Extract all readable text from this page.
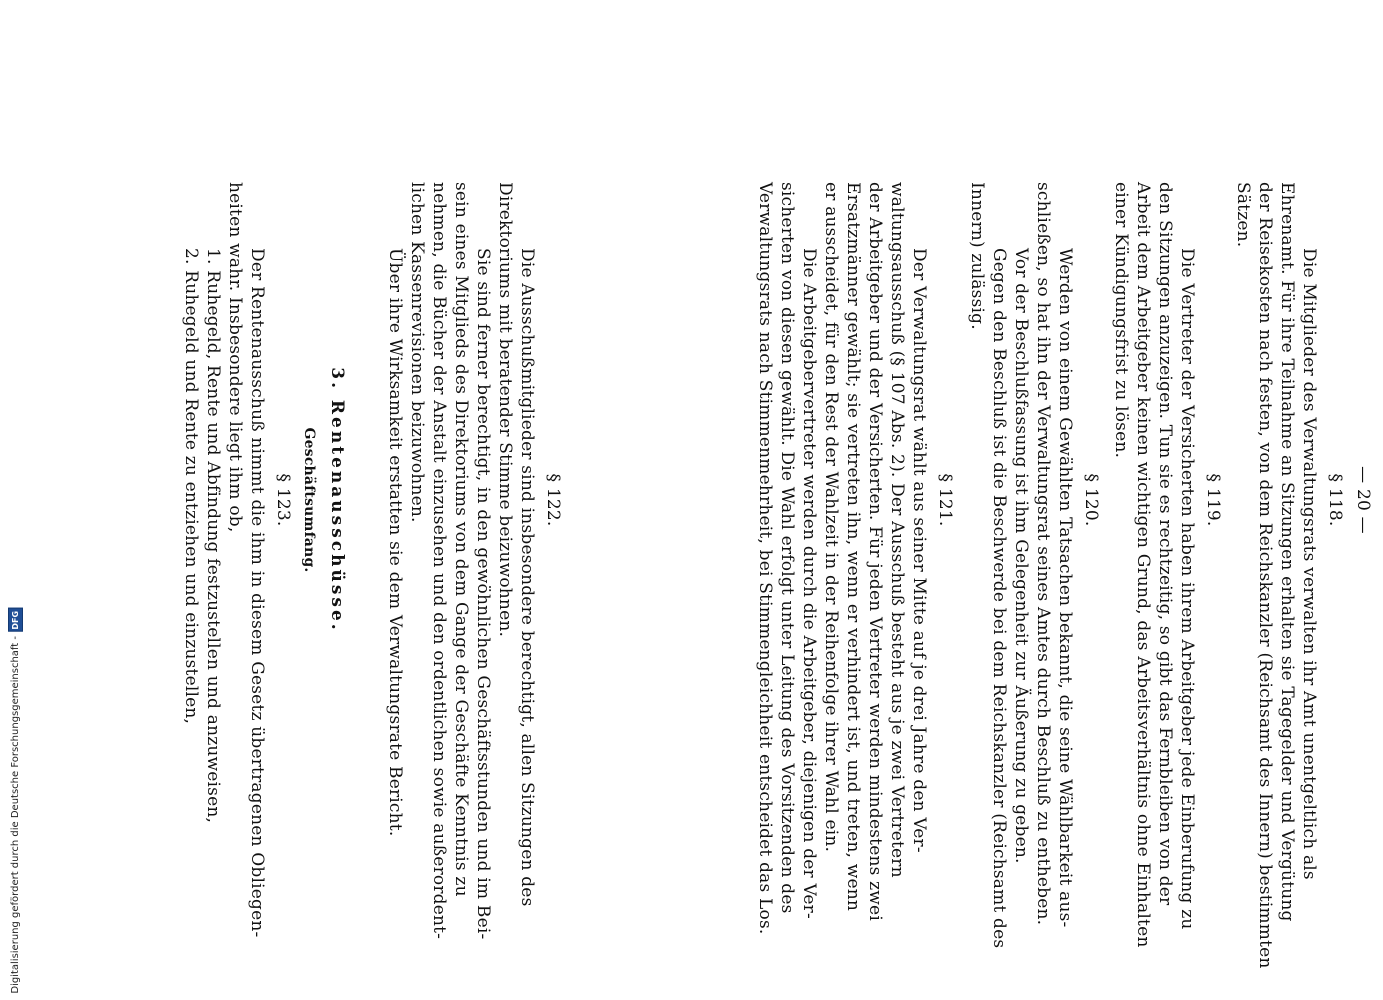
— 20 —
§ 118.
Die Mitglieder des Verwaltungsrats verwalten ihr Amt unentgeltlich als
Ehrenamt. Für ihre Teilnahme an Sitzungen erhalten sie Tagegelder und Vergütung
der Reisekosten nach festen, von dem Reichskanzler (Reichsamt des Innern) bestimmten
Sätzen.
§ 119.
Die Vertreter der Versicherten haben ihrem Arbeitgeber jede Einberufung zu
den Sitzungen anzuzeigen. Tun sie es rechtzeitig, so gibt das Fernbleiben von der
Arbeit dem Arbeitgeber keinen wichtigen Grund, das Arbeitsverhältnis ohne Einhalten
einer Kündigungsfrist zu lösen.
§ 120.
Werden von einem Gewählten Tatsachen bekannt, die seine Wählbarkeit aus-
schließen, so hat ihn der Verwaltungsrat seines Amtes durch Beschluß zu entheben.
Vor der Beschlußfassung ist ihm Gelegenheit zur Äußerung zu geben.
Gegen den Beschluß ist die Beschwerde bei dem Reichskanzler (Reichsamt des
Innern) zulässig.
§ 121.
Der Verwaltungsrat wählt aus seiner Mitte auf je drei Jahre den Ver-
waltungsausschuß (§ 107 Abs. 2). Der Ausschuß besteht aus je zwei Vertretern
der Arbeitgeber und der Versicherten. Für jeden Vertreter werden mindestens zwei
Ersatzmänner gewählt; sie vertreten ihn, wenn er verhindert ist, und treten, wenn
er ausscheidet, für den Rest der Wahlzeit in der Reihenfolge ihrer Wahl ein.
Die Arbeitgebervertreter werden durch die Arbeitgeber, diejenigen der Ver-
sicherten von diesen gewählt. Die Wahl erfolgt unter Leitung des Vorsitzenden des
Verwaltungsrats nach Stimmenmehrheit, bei Stimmengleichheit entscheidet das Los.
§ 122.
Die Ausschußmitglieder sind insbesondere berechtigt, allen Sitzungen des
Direktoriums mit beratender Stimme beizuwohnen.
Sie sind ferner berechtigt, in den gewöhnlichen Geschäftsstunden und im Bei-
sein eines Mitglieds des Direktoriums von dem Gange der Geschäfte Kenntnis zu
nehmen, die Bücher der Anstalt einzusehen und den ordentlichen sowie außerordent-
lichen Kassenrevisionen beizuwohnen.
Über ihre Wirksamkeit erstatten sie dem Verwaltungsrate Bericht.
3. Rentenausschüsse.
Geschäftsumfang.
§ 123.
Der Rentenausschuß nimmt die ihm in diesem Gesetz übertragenen Obliegen-
heiten wahr. Insbesondere liegt ihm ob,
1. Ruhegeld, Rente und Abfindung festzustellen und anzuweisen,
2. Ruhegeld und Rente zu entziehen und einzustellen,
Digitalisierung gefördert durch die Deutsche Forschungsgemeinschaft -
DFG
